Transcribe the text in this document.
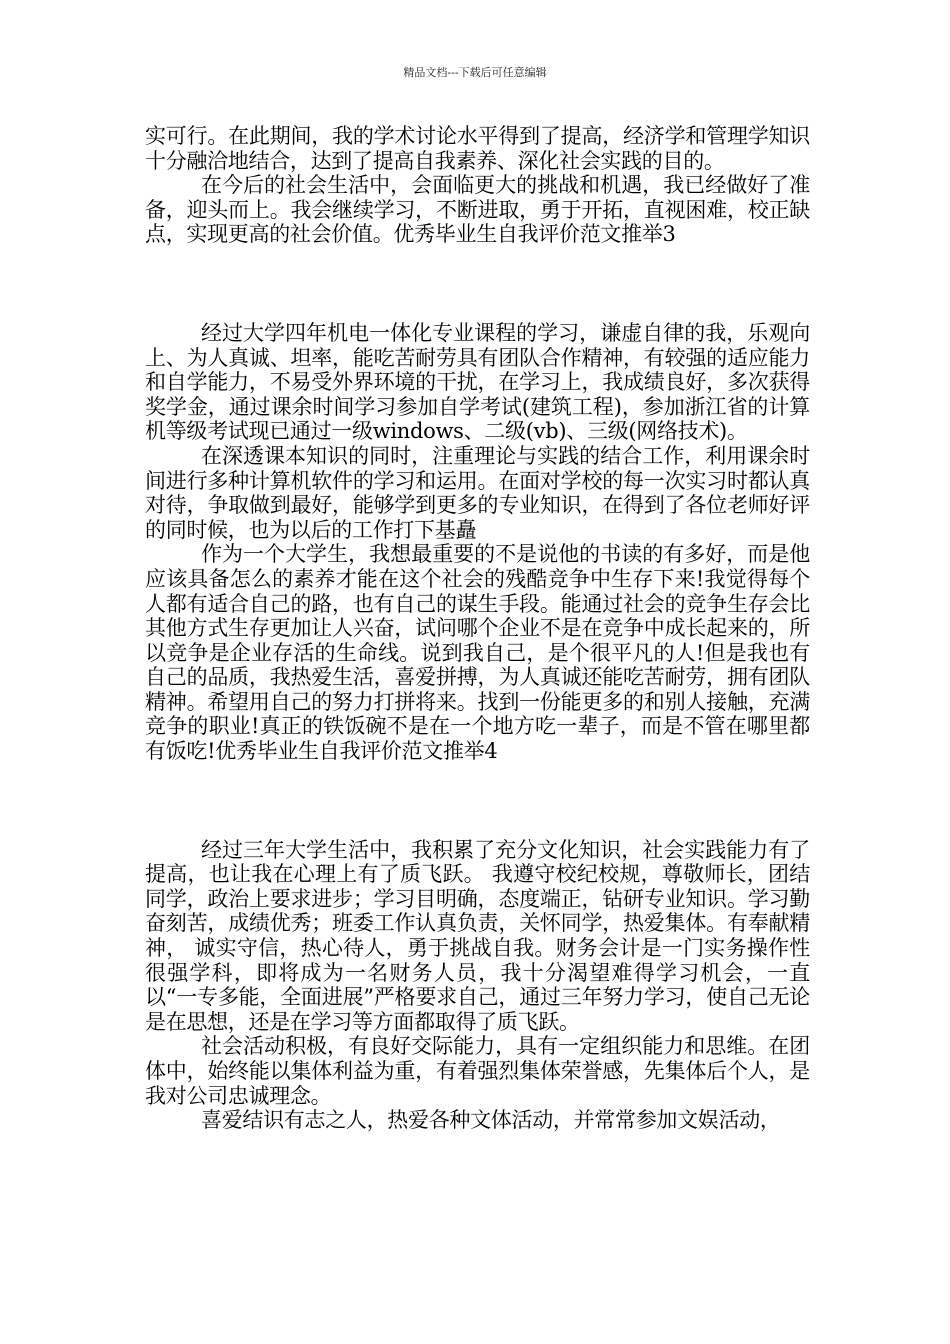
精品文档---下载后可任意编辑

实可行。在此期间，我的学术讨论水平得到了提高，经济学和管理学知识十分融洽地结合，达到了提高自我素养、深化社会实践的目的。

在今后的社会生活中，会面临更大的挑战和机遇，我已经做好了准备，迎头而上。我会继续学习，不断进取，勇于开拓，直视困难，校正缺点，实现更高的社会价值。优秀毕业生自我评价范文推举3

经过大学四年机电一体化专业课程的学习，谦虚自律的我，乐观向上、为人真诚、坦率，能吃苦耐劳具有团队合作精神，有较强的适应能力和自学能力，不易受外界环境的干扰，在学习上，我成绩良好，多次获得奖学金，通过课余时间学习参加自学考试(建筑工程)，参加浙江省的计算机等级考试现已通过一级windows、二级(vb)、三级(网络技术)。

在深透课本知识的同时，注重理论与实践的结合工作，利用课余时间进行多种计算机软件的学习和运用。在面对学校的每一次实习时都认真对待，争取做到最好，能够学到更多的专业知识，在得到了各位老师好评的同时候，也为以后的工作打下基矗

作为一个大学生，我想最重要的不是说他的书读的有多好，而是他应该具备怎么的素养才能在这个社会的残酷竞争中生存下来!我觉得每个人都有适合自己的路，也有自己的谋生手段。能通过社会的竞争生存会比其他方式生存更加让人兴奋，试问哪个企业不是在竞争中成长起来的，所以竞争是企业存活的生命线。说到我自己，是个很平凡的人!但是我也有自己的品质，我热爱生活，喜爱拼搏，为人真诚还能吃苦耐劳，拥有团队精神。希望用自己的努力打拼将来。找到一份能更多的和别人接触，充满竞争的职业!真正的铁饭碗不是在一个地方吃一辈子，而是不管在哪里都有饭吃!优秀毕业生自我评价范文推举4

经过三年大学生活中，我积累了充分文化知识，社会实践能力有了提高，也让我在心理上有了质飞跃。 我遵守校纪校规，尊敬师长，团结同学，政治上要求进步；学习目明确，态度端正，钻研专业知识。学习勤奋刻苦，成绩优秀；班委工作认真负责，关怀同学，热爱集体。有奉献精神， 诚实守信，热心待人，勇于挑战自我。财务会计是一门实务操作性很强学科，即将成为一名财务人员，我十分渴望难得学习机会，一直以“一专多能，全面进展”严格要求自己，通过三年努力学习，使自己无论是在思想，还是在学习等方面都取得了质飞跃。

社会活动积极，有良好交际能力，具有一定组织能力和思维。在团体中，始终能以集体利益为重，有着强烈集体荣誉感，先集体后个人，是我对公司忠诚理念。

喜爱结识有志之人，热爱各种文体活动，并常常参加文娱活动，
